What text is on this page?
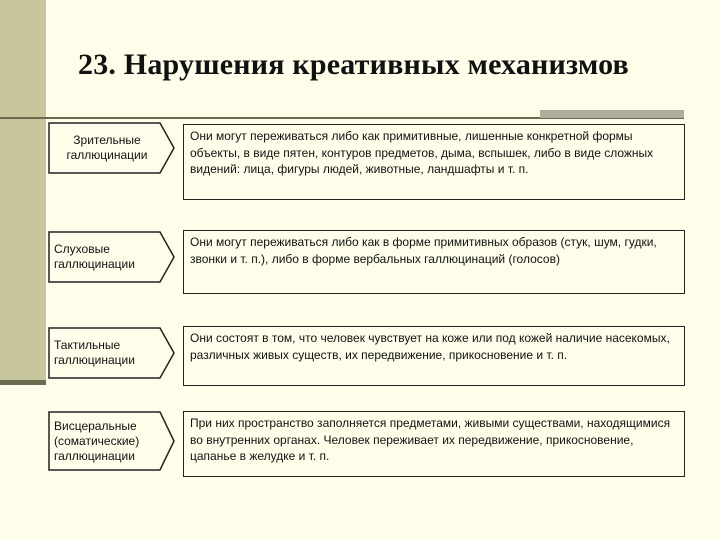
23. Нарушения креативных механизмов
Зрительные галлюцинации
Они могут переживаться либо как примитивные, лишенные конкретной формы объекты, в виде пятен, контуров предметов, дыма, вспышек, либо в виде сложных видений: лица, фигуры людей, животные, ландшафты и т. п.
Слуховые галлюцинации
Они могут переживаться либо как в форме примитивных образов (стук, шум, гудки, звонки и т. п.), либо в форме вербальных галлюцинаций (голосов)
Тактильные галлюцинации
Они состоят в том, что человек чувствует на коже или под кожей наличие насекомых, различных живых существ, их передвижение, прикосновение и т. п.
Висцеральные (соматические) галлюцинации
При них пространство заполняется предметами, живыми существами, находящимися во внутренних органах. Человек переживает их передвижение, прикосновение, цапанье в желудке и т. п.
